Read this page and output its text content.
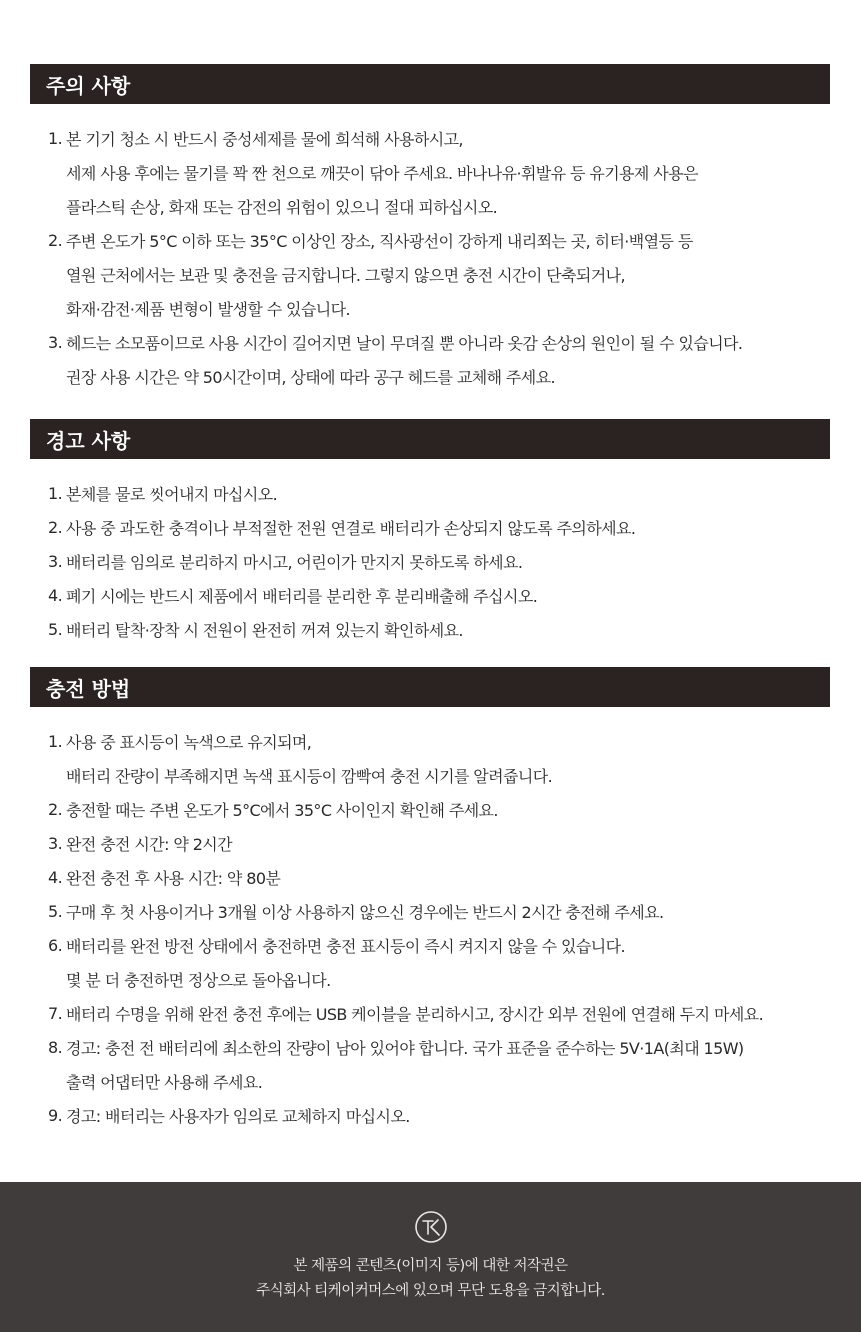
주의 사항
1. 본 기기 청소 시 반드시 중성세제를 물에 희석해 사용하시고,
세제 사용 후에는 물기를 꽉 짠 천으로 깨끗이 닦아 주세요. 바나나유·휘발유 등 유기용제 사용은
플라스틱 손상, 화재 또는 감전의 위험이 있으니 절대 피하십시오.
2. 주변 온도가 5°C 이하 또는 35°C 이상인 장소, 직사광선이 강하게 내리쬐는 곳, 히터·백열등 등
열원 근처에서는 보관 및 충전을 금지합니다. 그렇지 않으면 충전 시간이 단축되거나,
화재·감전·제품 변형이 발생할 수 있습니다.
3. 헤드는 소모품이므로 사용 시간이 길어지면 날이 무뎌질 뿐 아니라 옷감 손상의 원인이 될 수 있습니다.
권장 사용 시간은 약 50시간이며, 상태에 따라 공구 헤드를 교체해 주세요.
경고 사항
1. 본체를 물로 씻어내지 마십시오.
2. 사용 중 과도한 충격이나 부적절한 전원 연결로 배터리가 손상되지 않도록 주의하세요.
3. 배터리를 임의로 분리하지 마시고, 어린이가 만지지 못하도록 하세요.
4. 폐기 시에는 반드시 제품에서 배터리를 분리한 후 분리배출해 주십시오.
5. 배터리 탈착·장착 시 전원이 완전히 꺼져 있는지 확인하세요.
충전 방법
1. 사용 중 표시등이 녹색으로 유지되며,
배터리 잔량이 부족해지면 녹색 표시등이 깜빡여 충전 시기를 알려줍니다.
2. 충전할 때는 주변 온도가 5°C에서 35°C 사이인지 확인해 주세요.
3. 완전 충전 시간: 약 2시간
4. 완전 충전 후 사용 시간: 약 80분
5. 구매 후 첫 사용이거나 3개월 이상 사용하지 않으신 경우에는 반드시 2시간 충전해 주세요.
6. 배터리를 완전 방전 상태에서 충전하면 충전 표시등이 즉시 켜지지 않을 수 있습니다.
몇 분 더 충전하면 정상으로 돌아옵니다.
7. 배터리 수명을 위해 완전 충전 후에는 USB 케이블을 분리하시고, 장시간 외부 전원에 연결해 두지 마세요.
8. 경고: 충전 전 배터리에 최소한의 잔량이 남아 있어야 합니다. 국가 표준을 준수하는 5V·1A(최대 15W)
출력 어댑터만 사용해 주세요.
9. 경고: 배터리는 사용자가 임의로 교체하지 마십시오.
본 제품의 콘텐츠(이미지 등)에 대한 저작권은
주식회사 티케이커머스에 있으며 무단 도용을 금지합니다.
